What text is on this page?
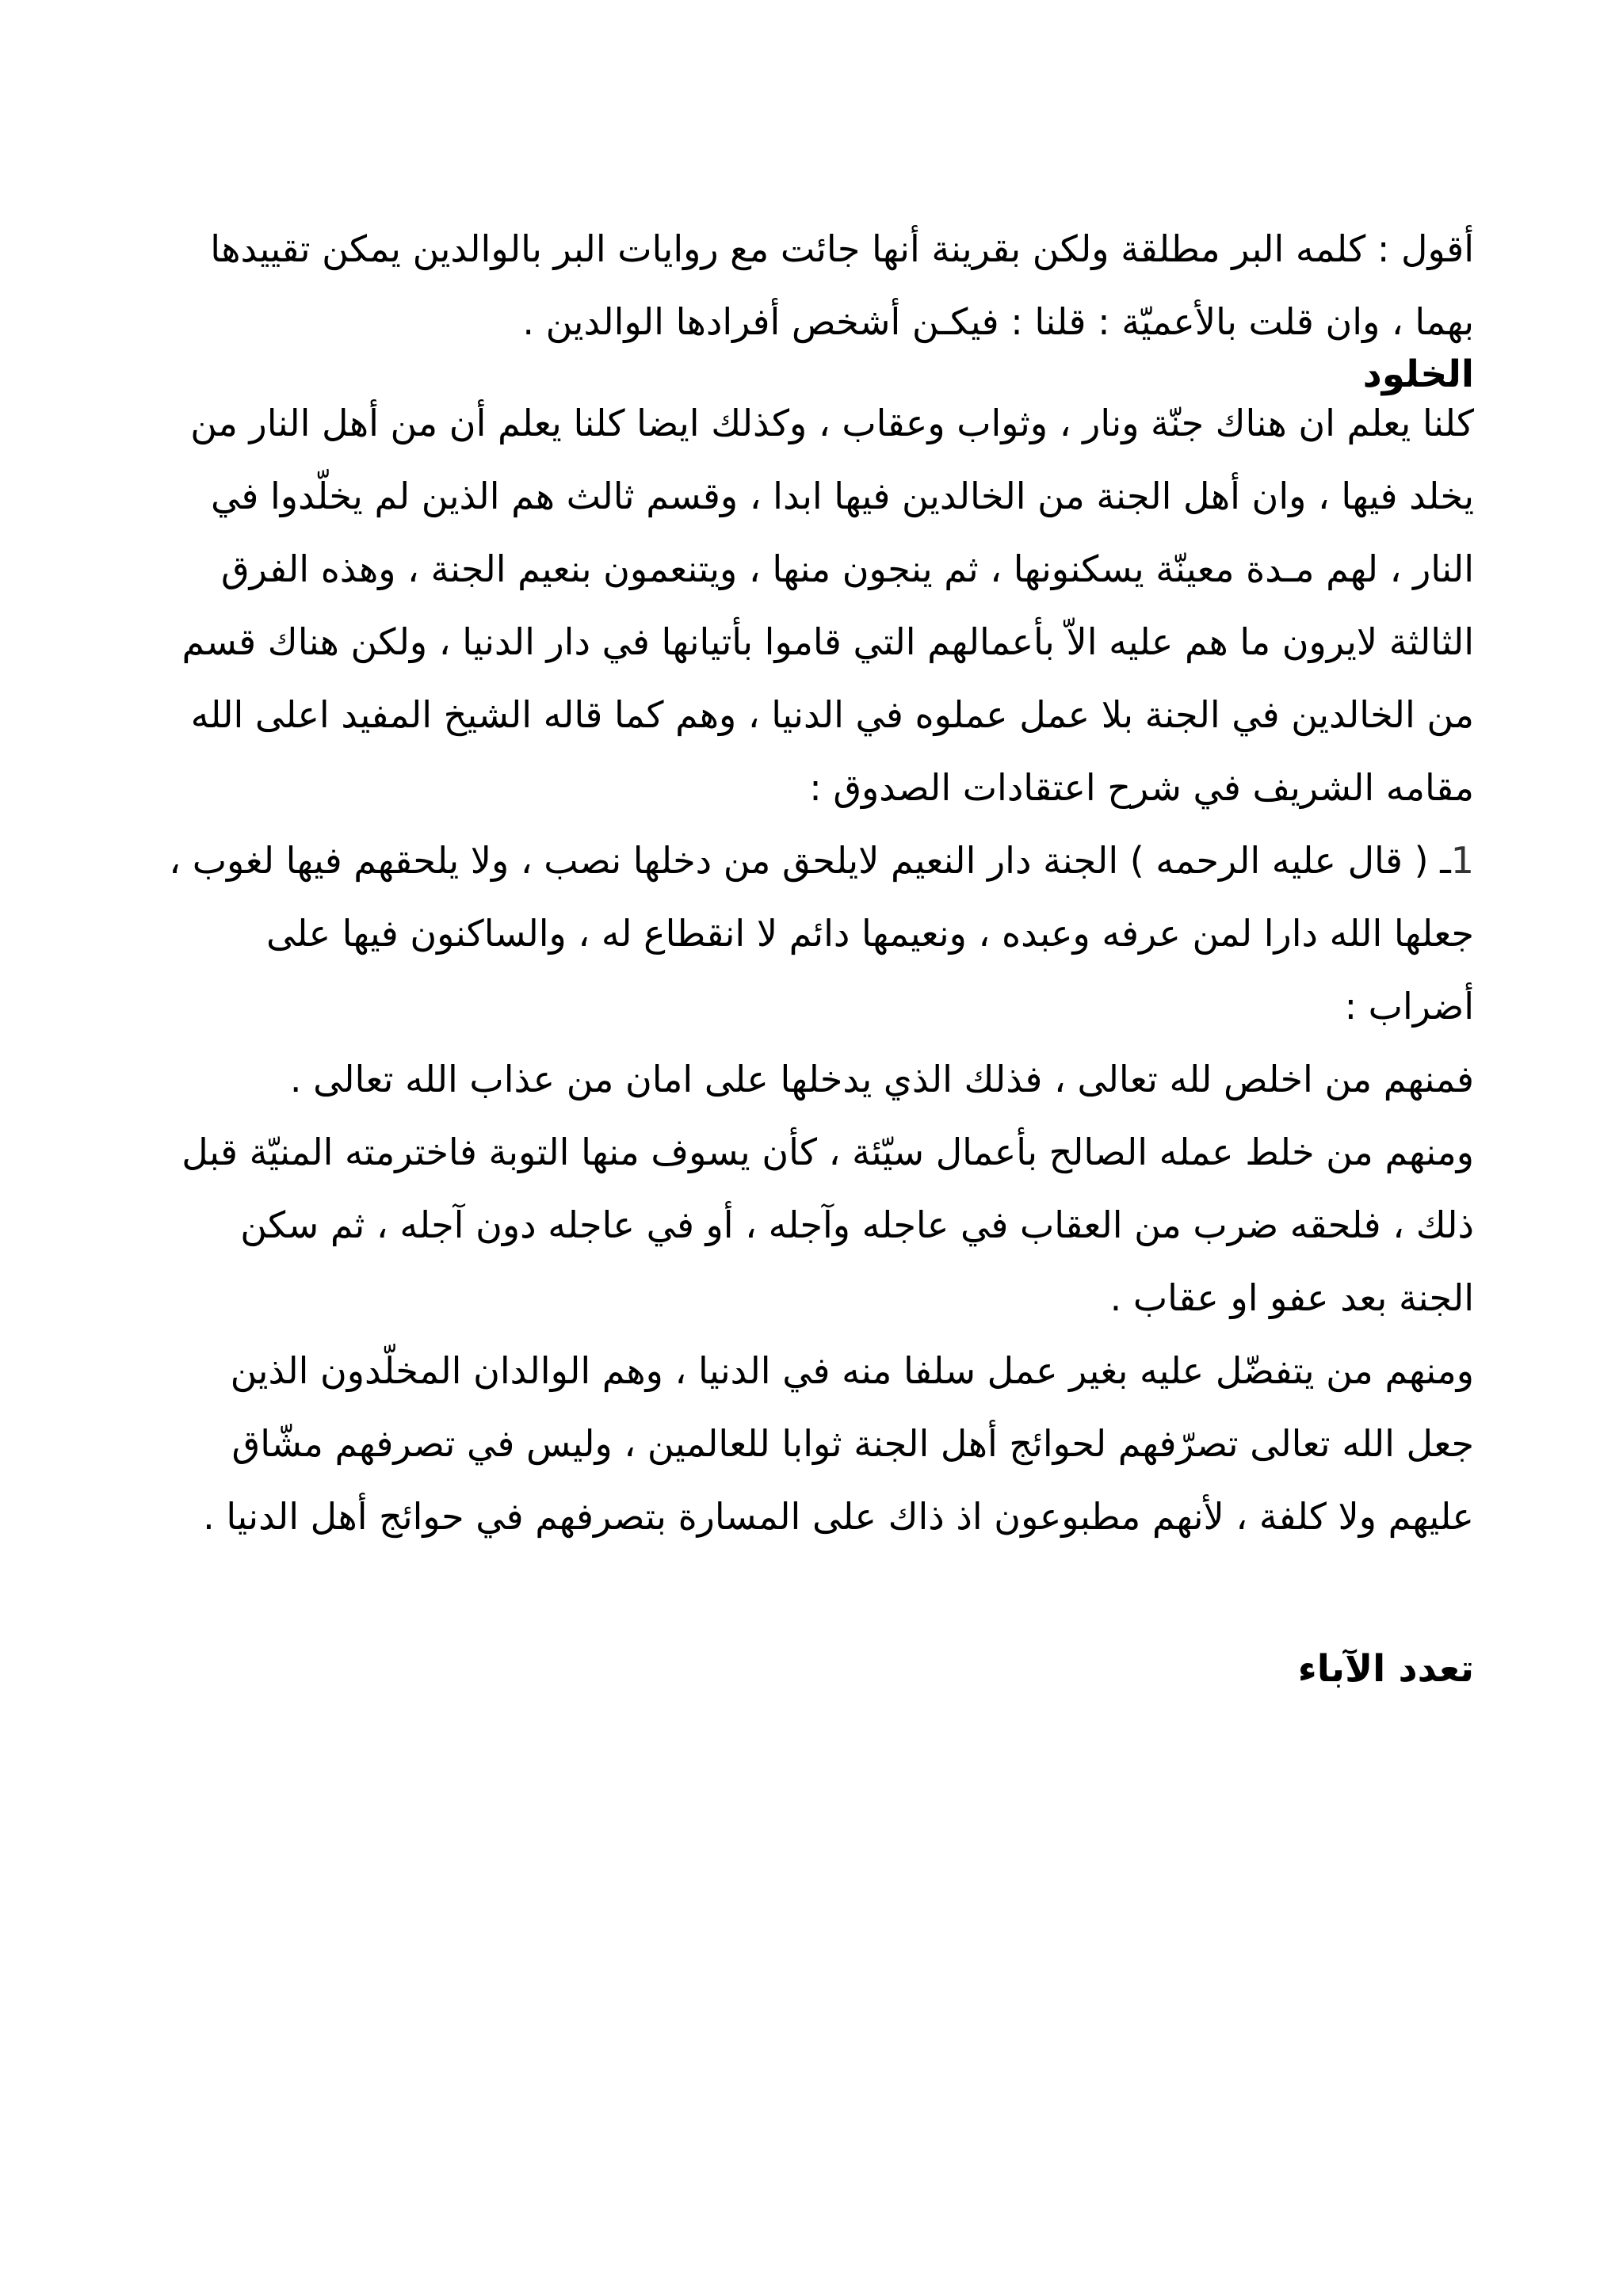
أقول : كلمه البر مطلقة ولكن بقرينة أنها جائت مع روايات البر بالوالدين يمكن تقييدها بهما ، وان قلت بالأعميّة : قلنا : فيكـن أشخص أفرادها الوالدين .

الخلود

كلنا يعلم ان هناك جنّة ونار ، وثواب وعقاب ، وكذلك ايضا كلنا يعلم أن من أهل النار من يخلد فيها ، وان أهل الجنة من الخالدين فيها ابدا ، وقسم ثالث هم الذين لم يخلّدوا في النار ، لهم مـدة معينّة يسكنونها ، ثم ينجون منها ، ويتنعمون بنعيم الجنة ، وهذه الفرق الثالثة لايرون ما هم عليه الاّ بأعمالهم التي قاموا بأتيانها في دار الدنيا ، ولكن هناك قسم من الخالدين في الجنة بلا عمل عملوه في الدنيا ، وهم كما قاله الشيخ المفيد اعلى الله مقامه الشريف في شرح اعتقادات الصدوق :

1ـ ( قال عليه الرحمه ) الجنة دار النعيم لايلحق من دخلها نصب ، ولا يلحقهم فيها لغوب ، جعلها الله دارا لمن عرفه وعبده ، ونعيمها دائم لا انقطاع له ، والساكنون فيها على أضراب :

فمنهم من اخلص لله تعالى ، فذلك الذي يدخلها على امان من عذاب الله تعالى .

ومنهم من خلط عمله الصالح بأعمال سيّئة ، كأن يسوف منها التوبة فاخترمته المنيّة قبل ذلك ، فلحقه ضرب من العقاب في عاجله وآجله ، أو في عاجله دون آجله ، ثم سكن الجنة بعد عفو او عقاب .

ومنهم من يتفضّل عليه بغير عمل سلفا منه في الدنيا ، وهم الوالدان المخلّدون الذين جعل الله تعالى تصرّفهم لحوائج أهل الجنة ثوابا للعالمين ، وليس في تصرفهم مشّاق عليهم ولا كلفة ، لأنهم مطبوعون اذ ذاك على المسارة بتصرفهم في حوائج أهل الدنيا .

تعدد الآباء
